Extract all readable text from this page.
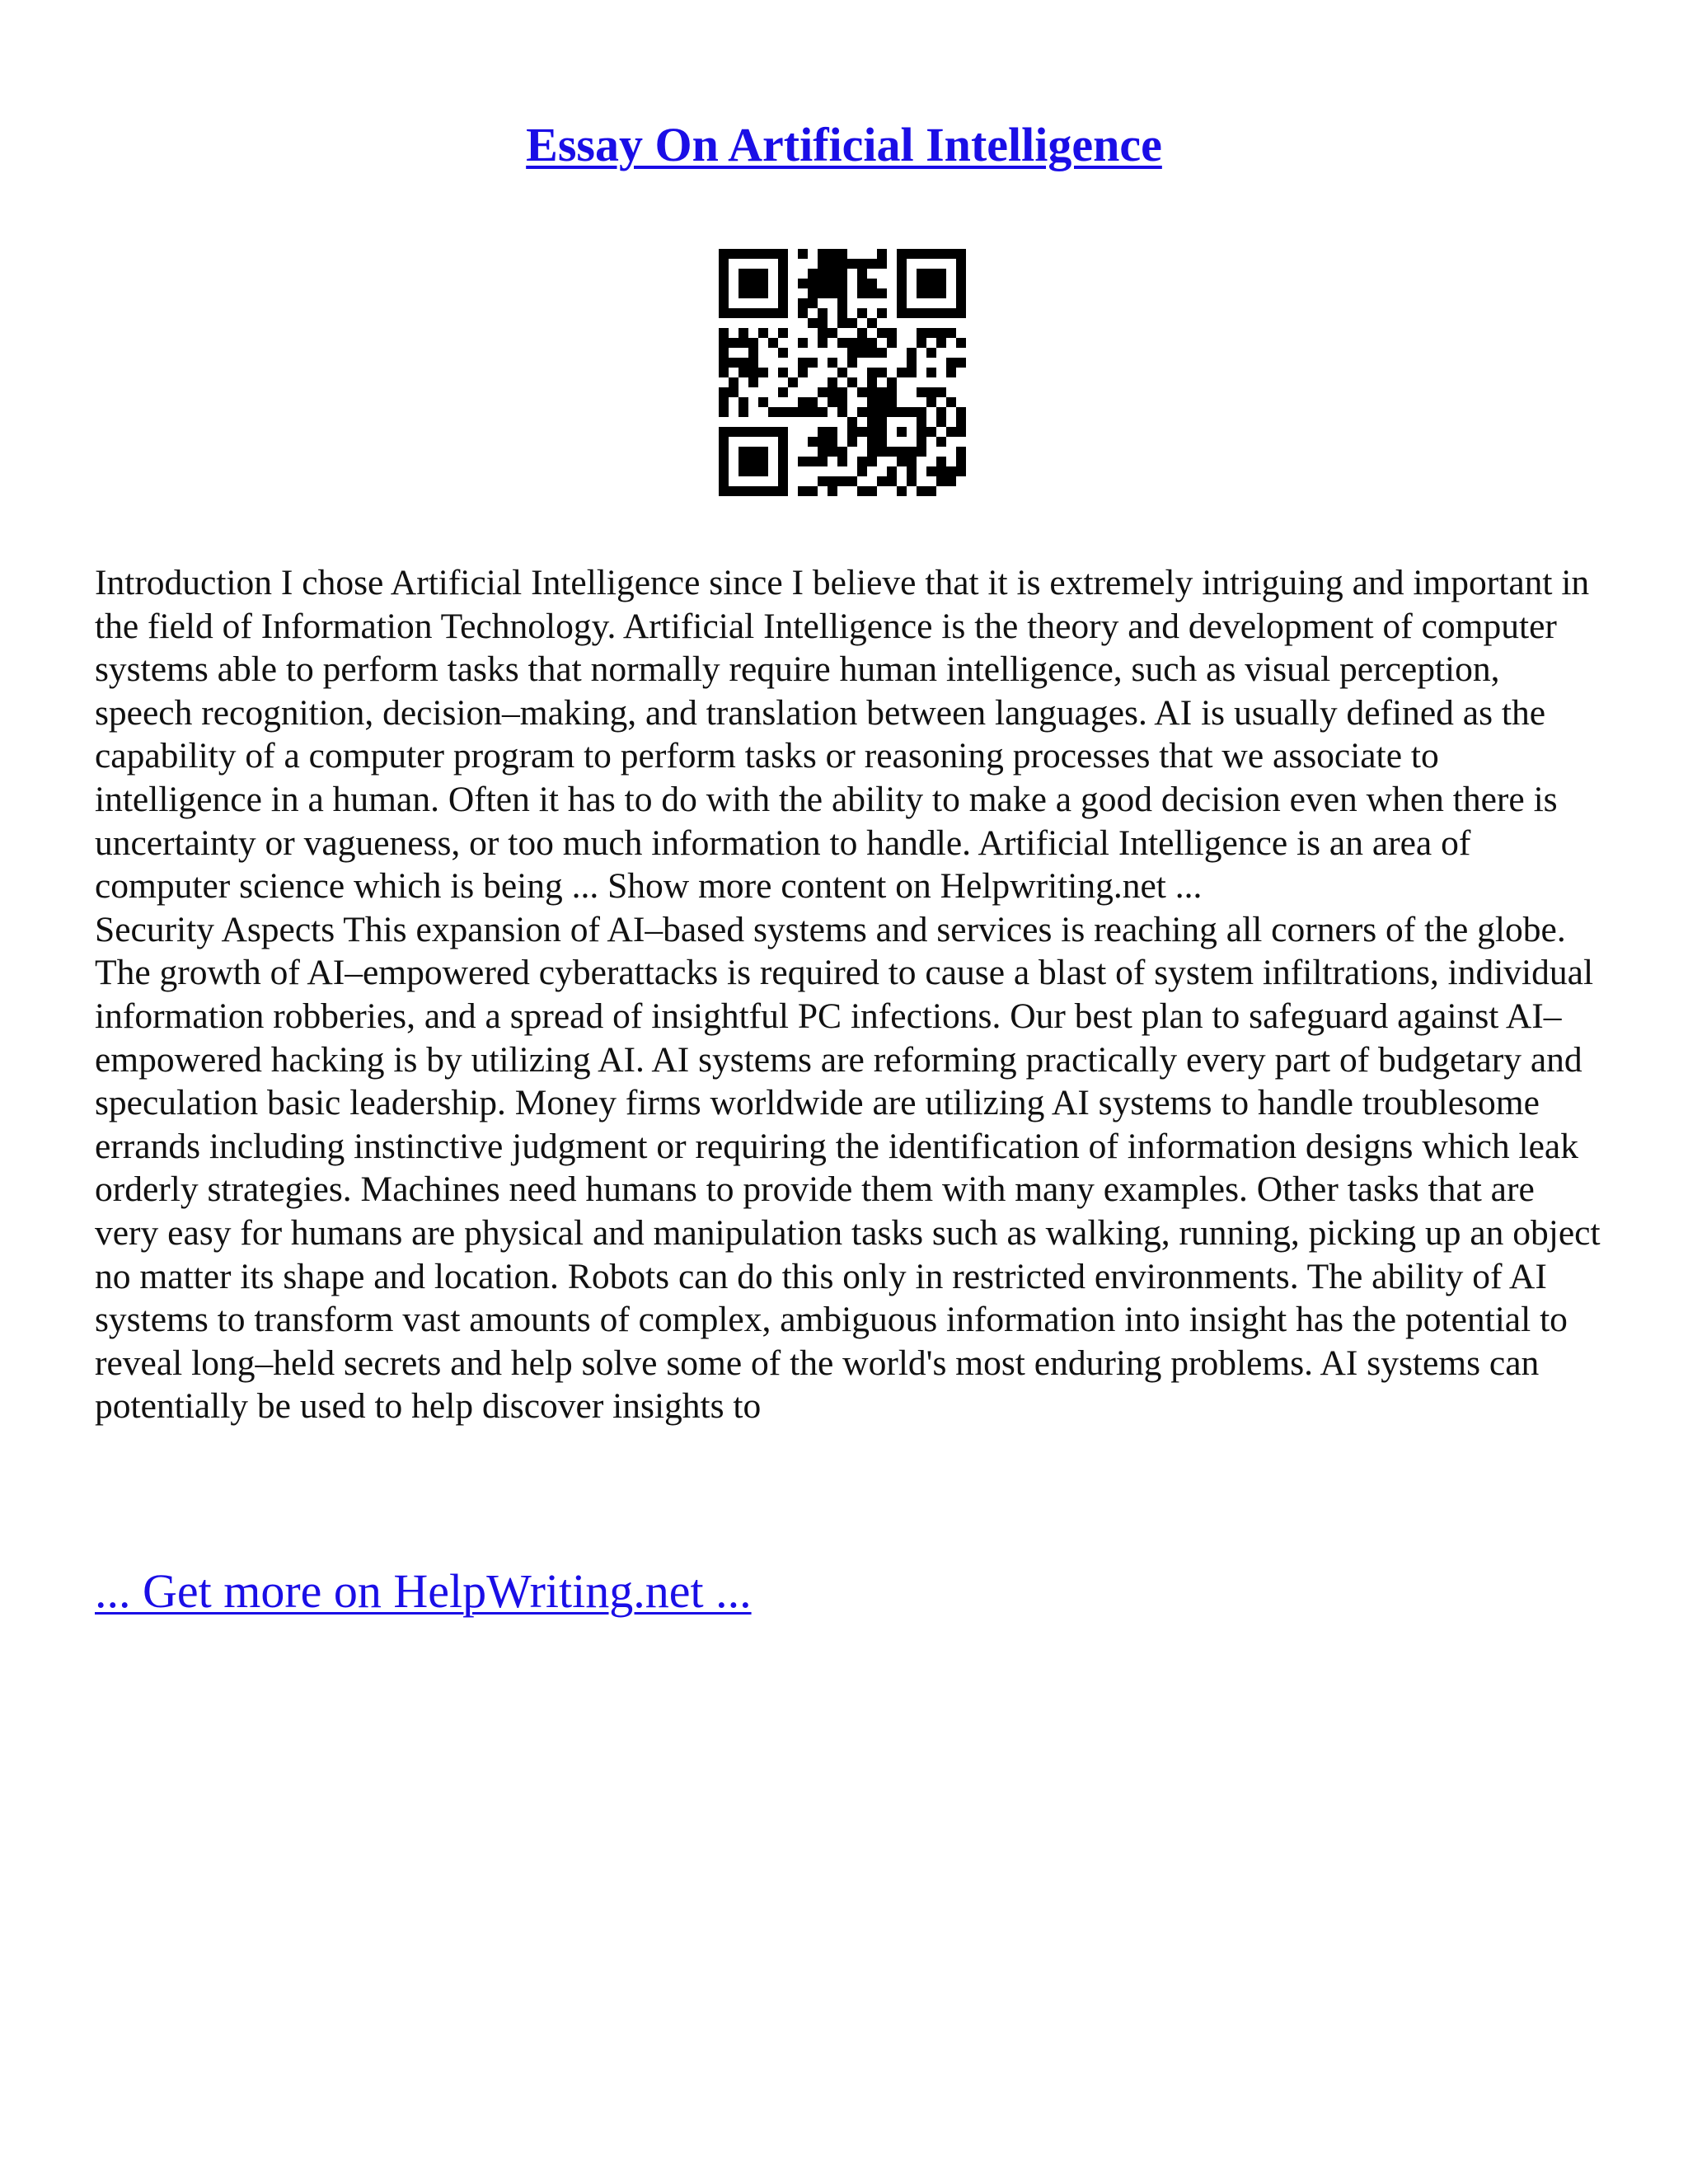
Essay On Artificial Intelligence

Introduction I chose Artificial Intelligence since I believe that it is extremely intriguing and important in the field of Information Technology. Artificial Intelligence is the theory and development of computer systems able to perform tasks that normally require human intelligence, such as visual perception, speech recognition, decision–making, and translation between languages. AI is usually defined as the capability of a computer program to perform tasks or reasoning processes that we associate to intelligence in a human. Often it has to do with the ability to make a good decision even when there is uncertainty or vagueness, or too much information to handle. Artificial Intelligence is an area of computer science which is being ... Show more content on Helpwriting.net ...

Security Aspects This expansion of AI–based systems and services is reaching all corners of the globe. The growth of AI–empowered cyberattacks is required to cause a blast of system infiltrations, individual information robberies, and a spread of insightful PC infections. Our best plan to safeguard against AI–empowered hacking is by utilizing AI. AI systems are reforming practically every part of budgetary and speculation basic leadership. Money firms worldwide are utilizing AI systems to handle troublesome errands including instinctive judgment or requiring the identification of information designs which leak orderly strategies. Machines need humans to provide them with many examples. Other tasks that are very easy for humans are physical and manipulation tasks such as walking, running, picking up an object no matter its shape and location. Robots can do this only in restricted environments. The ability of AI systems to transform vast amounts of complex, ambiguous information into insight has the potential to reveal long–held secrets and help solve some of the world's most enduring problems. AI systems can potentially be used to help discover insights to

... Get more on HelpWriting.net ...
